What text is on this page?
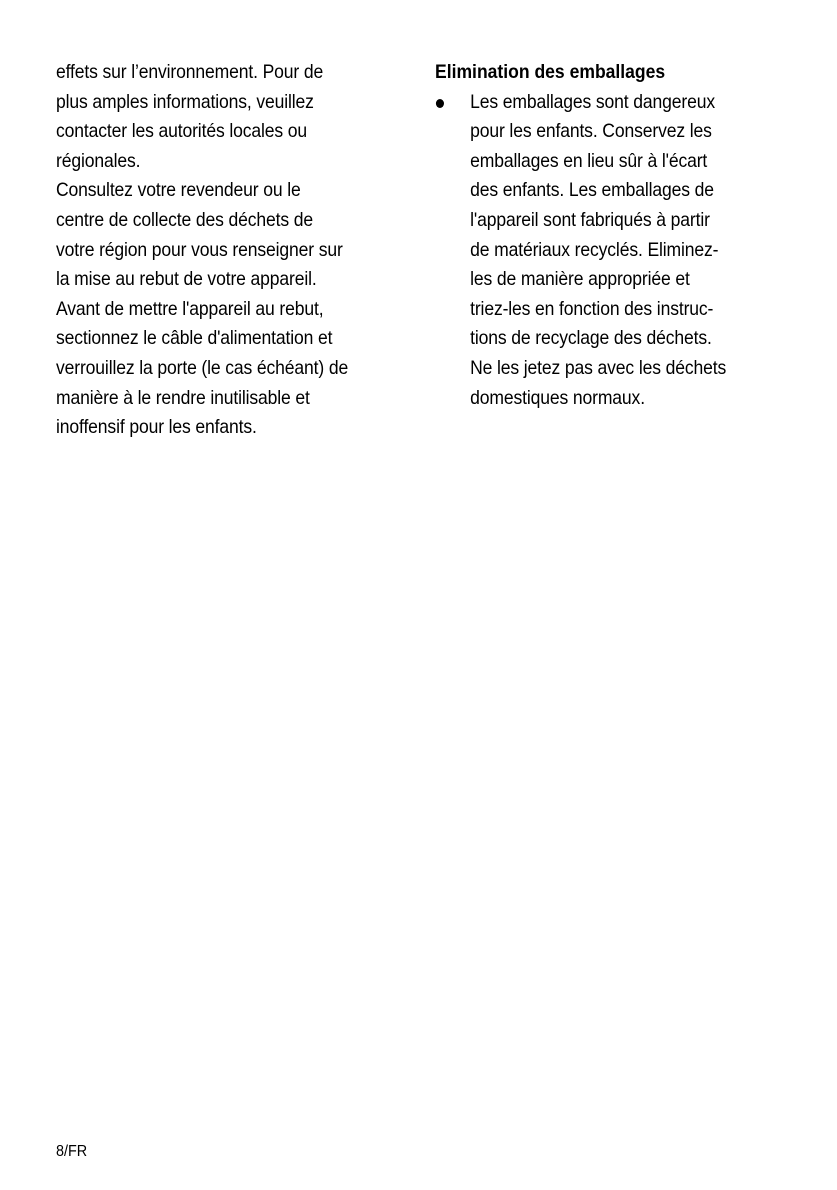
effets sur l’environnement. Pour de
plus amples informations, veuillez
contacter les autorités locales ou
régionales.
Consultez votre revendeur ou le
centre de collecte des déchets de
votre région pour vous renseigner sur
la mise au rebut de votre appareil.
Avant de mettre l'appareil au rebut,
sectionnez le câble d'alimentation et
verrouillez la porte (le cas échéant) de
manière à le rendre inutilisable et
inoffensif pour les enfants.
Elimination des emballages
Les emballages sont dangereux
pour les enfants. Conservez les
emballages en lieu sûr à l'écart
des enfants. Les emballages de
l'appareil sont fabriqués à partir
de matériaux recyclés. Eliminez-
les de manière appropriée et
triez-les en fonction des instruc-
tions de recyclage des déchets.
Ne les jetez pas avec les déchets
domestiques normaux.
8/FR
